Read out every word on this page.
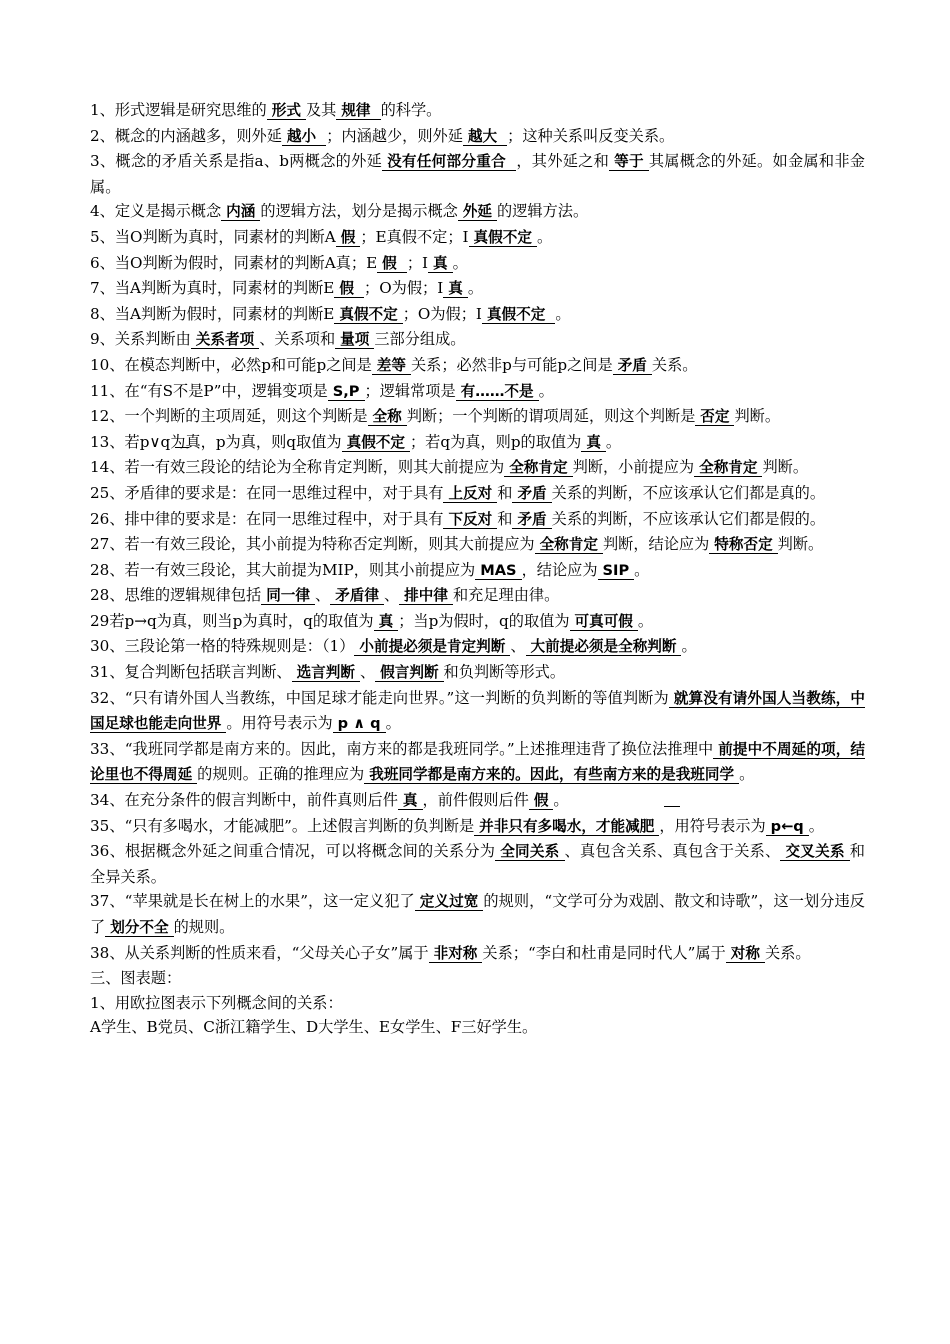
1、形式逻辑是研究思维的 形式 及其 规律 的科学。
2、概念的内涵越多，则外延 越小 ；内涵越少，则外延 越大 ；这种关系叫反变关系。
3、概念的矛盾关系是指a、b两概念的外延 没有任何部分重合 ，其外延之和 等于 其属概念的外延。如金属和非金属。
4、定义是揭示概念 内涵 的逻辑方法，划分是揭示概念 外延 的逻辑方法。
5、当O判断为真时，同素材的判断A 假 ；E真假不定；I 真假不定 。
6、当O判断为假时，同素材的判断A真；E 假 ；I 真 。
7、当A判断为真时，同素材的判断E 假 ；O为假；I 真 。
8、当A判断为假时，同素材的判断E 真假不定 ；O为假；I 真假不定 。
9、关系判断由 关系者项 、关系项和 量项 三部分组成。
10、在模态判断中，必然p和可能p之间是 差等 关系；必然非p与可能p之间是 矛盾 关系。
11、在“有S不是P”中，逻辑变项是 S,P ；逻辑常项是 有……不是 。
12、一个判断的主项周延，则这个判断是 全称 判断；一个判断的谓项周延，则这个判断是 否定 判断。
13、若p∨q为真，p为真，则q取值为 真假不定 ；若q为真，则p的取值为 真 。
14、若一有效三段论的结论为全称肯定判断，则其大前提应为 全称肯定 判断，小前提应为 全称肯定 判断。
25、矛盾律的要求是：在同一思维过程中，对于具有 上反对 和 矛盾 关系的判断，不应该承认它们都是真的。
26、排中律的要求是：在同一思维过程中，对于具有 下反对 和 矛盾 关系的判断，不应该承认它们都是假的。
27、若一有效三段论，其小前提为特称否定判断，则其大前提应为 全称肯定 判断，结论应为 特称否定 判断。
28、若一有效三段论，其大前提为MIP，则其小前提应为 MAS ，结论应为 SIP 。
28、思维的逻辑规律包括 同一律 、 矛盾律 、 排中律 和充足理由律。
29若p→q为真，则当p为真时，q的取值为 真 ；当p为假时，q的取值为 可真可假 。
30、三段论第一格的特殊规则是：（1） 小前提必须是肯定判断 、 大前提必须是全称判断 。
31、复合判断包括联言判断、 选言判断 、 假言判断 和负判断等形式。
32、“只有请外国人当教练，中国足球才能走向世界。”这一判断的负判断的等值判断为 就算没有请外国人当教练，中国足球也能走向世界 。用符号表示为 p ∧ q 。
33、“我班同学都是南方来的。因此，南方来的都是我班同学。”上述推理违背了换位法推理中 前提中不周延的项，结论里也不得周延 的规则。正确的推理应为 我班同学都是南方来的。因此，有些南方来的是我班同学 。
34、在充分条件的假言判断中，前件真则后件 真 ，前件假则后件 假 。
35、“只有多喝水，才能减肥”。上述假言判断的负判断是 并非只有多喝水，才能减肥 ，用符号表示为 p←q 。
36、根据概念外延之间重合情况，可以将概念间的关系分为 全同关系 、真包含关系、真包含于关系、 交叉关系 和全异关系。
37、“苹果就是长在树上的水果”，这一定义犯了 定义过宽 的规则，“文学可分为戏剧、散文和诗歌”，这一划分违反了 划分不全 的规则。
38、从关系判断的性质来看，“父母关心子女”属于 非对称 关系；“李白和杜甫是同时代人”属于 对称 关系。
三、图表题：
1、用欧拉图表示下列概念间的关系：
A学生、B党员、C浙江籍学生、D大学生、E女学生、F三好学生。
